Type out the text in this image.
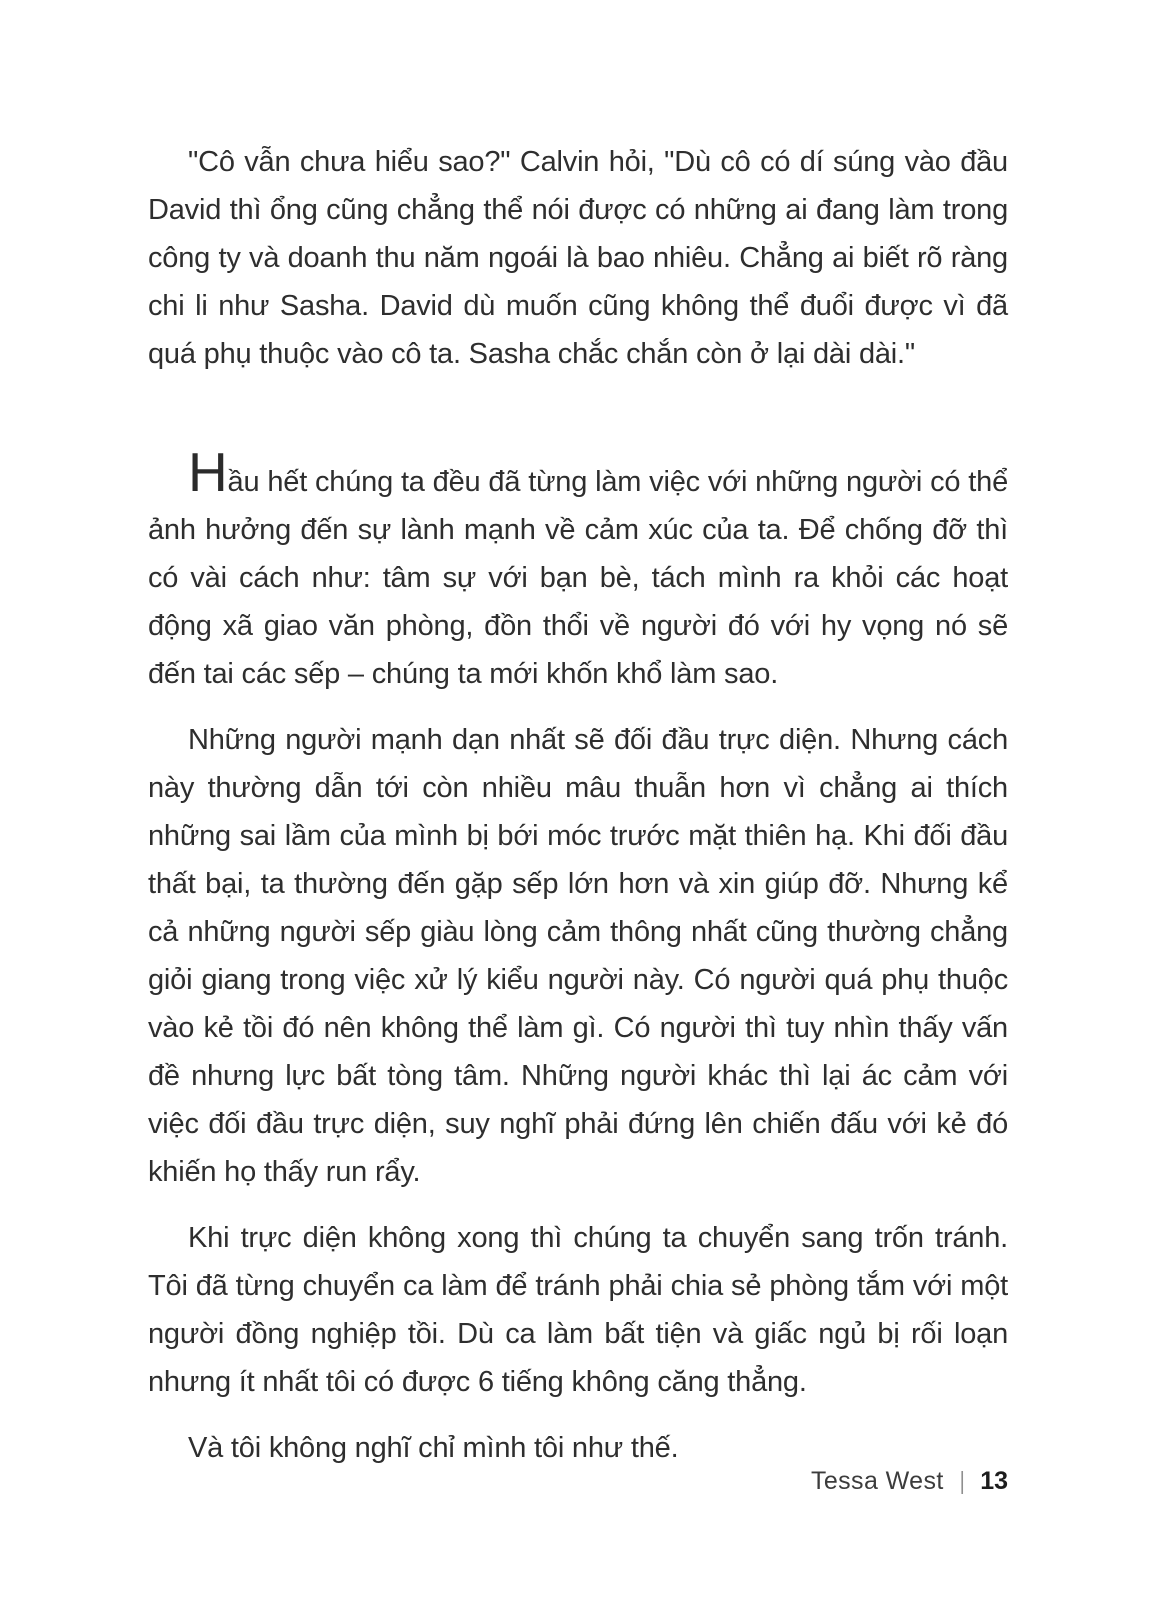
"Cô vẫn chưa hiểu sao?" Calvin hỏi, "Dù cô có dí súng vào đầu David thì ổng cũng chẳng thể nói được có những ai đang làm trong công ty và doanh thu năm ngoái là bao nhiêu. Chẳng ai biết rõ ràng chi li như Sasha. David dù muốn cũng không thể đuổi được vì đã quá phụ thuộc vào cô ta. Sasha chắc chắn còn ở lại dài dài."

Hầu hết chúng ta đều đã từng làm việc với những người có thể ảnh hưởng đến sự lành mạnh về cảm xúc của ta. Để chống đỡ thì có vài cách như: tâm sự với bạn bè, tách mình ra khỏi các hoạt động xã giao văn phòng, đồn thổi về người đó với hy vọng nó sẽ đến tai các sếp – chúng ta mới khốn khổ làm sao.

Những người mạnh dạn nhất sẽ đối đầu trực diện. Nhưng cách này thường dẫn tới còn nhiều mâu thuẫn hơn vì chẳng ai thích những sai lầm của mình bị bới móc trước mặt thiên hạ. Khi đối đầu thất bại, ta thường đến gặp sếp lớn hơn và xin giúp đỡ. Nhưng kể cả những người sếp giàu lòng cảm thông nhất cũng thường chẳng giỏi giang trong việc xử lý kiểu người này. Có người quá phụ thuộc vào kẻ tồi đó nên không thể làm gì. Có người thì tuy nhìn thấy vấn đề nhưng lực bất tòng tâm. Những người khác thì lại ác cảm với việc đối đầu trực diện, suy nghĩ phải đứng lên chiến đấu với kẻ đó khiến họ thấy run rẩy.

Khi trực diện không xong thì chúng ta chuyển sang trốn tránh. Tôi đã từng chuyển ca làm để tránh phải chia sẻ phòng tắm với một người đồng nghiệp tồi. Dù ca làm bất tiện và giấc ngủ bị rối loạn nhưng ít nhất tôi có được 6 tiếng không căng thẳng.

Và tôi không nghĩ chỉ mình tôi như thế.

Tessa West | 13
